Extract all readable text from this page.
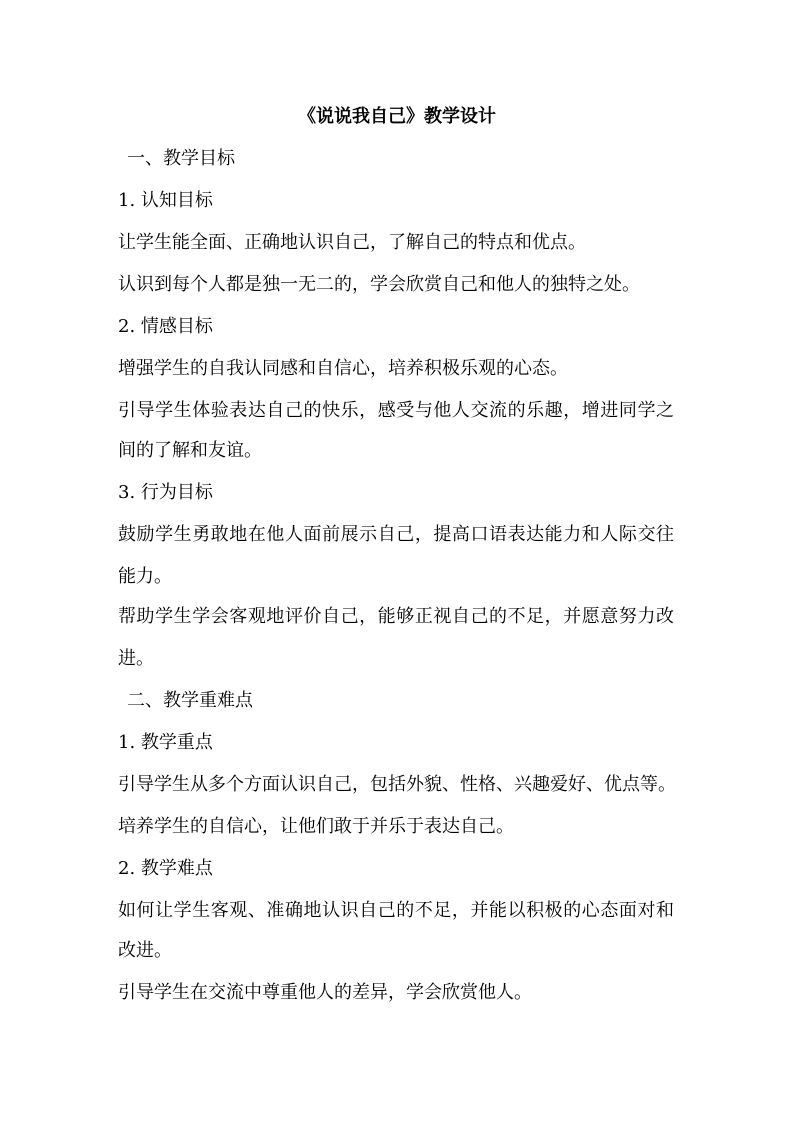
《说说我自己》教学设计
一、教学目标
1. 认知目标
让学生能全面、正确地认识自己，了解自己的特点和优点。
认识到每个人都是独一无二的，学会欣赏自己和他人的独特之处。
2. 情感目标
增强学生的自我认同感和自信心，培养积极乐观的心态。
引导学生体验表达自己的快乐，感受与他人交流的乐趣，增进同学之
间的了解和友谊。
3. 行为目标
鼓励学生勇敢地在他人面前展示自己，提高口语表达能力和人际交往
能力。
帮助学生学会客观地评价自己，能够正视自己的不足，并愿意努力改
进。
二、教学重难点
1. 教学重点
引导学生从多个方面认识自己，包括外貌、性格、兴趣爱好、优点等。
培养学生的自信心，让他们敢于并乐于表达自己。
2. 教学难点
如何让学生客观、准确地认识自己的不足，并能以积极的心态面对和
改进。
引导学生在交流中尊重他人的差异，学会欣赏他人。
